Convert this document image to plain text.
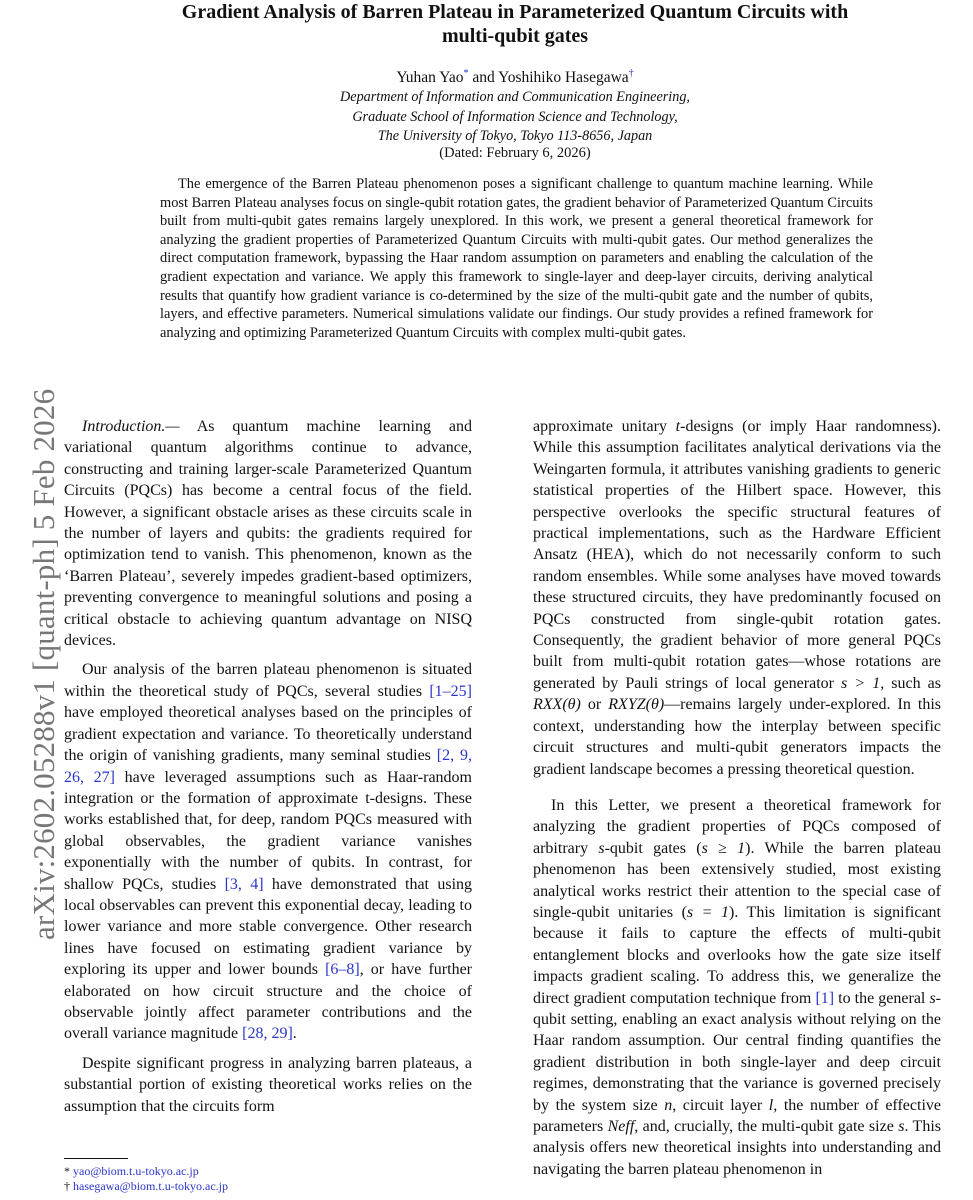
arXiv:2602.05288v1 [quant-ph] 5 Feb 2026
Gradient Analysis of Barren Plateau in Parameterized Quantum Circuits with
multi-qubit gates
Yuhan Yao* and Yoshihiko Hasegawa†
Department of Information and Communication Engineering,
Graduate School of Information Science and Technology,
The University of Tokyo, Tokyo 113-8656, Japan
(Dated: February 6, 2026)
The emergence of the Barren Plateau phenomenon poses a significant challenge to quantum machine learning. While most Barren Plateau analyses focus on single-qubit rotation gates, the gradient behavior of Parameterized Quantum Circuits built from multi-qubit gates remains largely unexplored. In this work, we present a general theoretical framework for analyzing the gradient properties of Parameterized Quantum Circuits with multi-qubit gates. Our method generalizes the direct computation framework, bypassing the Haar random assumption on parameters and enabling the calculation of the gradient expectation and variance. We apply this framework to single-layer and deep-layer circuits, deriving analytical results that quantify how gradient variance is co-determined by the size of the multi-qubit gate and the number of qubits, layers, and effective parameters. Numerical simulations validate our findings. Our study provides a refined framework for analyzing and optimizing Parameterized Quantum Circuits with complex multi-qubit gates.

Introduction.— As quantum machine learning and variational quantum algorithms continue to advance, constructing and training larger-scale Parameterized Quantum Circuits (PQCs) has become a central focus of the field. However, a significant obstacle arises as these circuits scale in the number of layers and qubits: the gradients required for optimization tend to vanish. This phenomenon, known as the ‘Barren Plateau’, severely impedes gradient-based optimizers, preventing convergence to meaningful solutions and posing a critical obstacle to achieving quantum advantage on NISQ devices.

Our analysis of the barren plateau phenomenon is situated within the theoretical study of PQCs, several studies [1–25] have employed theoretical analyses based on the principles of gradient expectation and variance. To theoretically understand the origin of vanishing gradients, many seminal studies [2, 9, 26, 27] have leveraged assumptions such as Haar-random integration or the formation of approximate t-designs. These works established that, for deep, random PQCs measured with global observables, the gradient variance vanishes exponentially with the number of qubits. In contrast, for shallow PQCs, studies [3, 4] have demonstrated that using local observables can prevent this exponential decay, leading to lower variance and more stable convergence. Other research lines have focused on estimating gradient variance by exploring its upper and lower bounds [6–8], or have further elaborated on how circuit structure and the choice of observable jointly affect parameter contributions and the overall variance magnitude [28, 29].

Despite significant progress in analyzing barren plateaus, a substantial portion of existing theoretical works relies on the assumption that the circuits form

approximate unitary t-designs (or imply Haar randomness). While this assumption facilitates analytical derivations via the Weingarten formula, it attributes vanishing gradients to generic statistical properties of the Hilbert space. However, this perspective overlooks the specific structural features of practical implementations, such as the Hardware Efficient Ansatz (HEA), which do not necessarily conform to such random ensembles. While some analyses have moved towards these structured circuits, they have predominantly focused on PQCs constructed from single-qubit rotation gates. Consequently, the gradient behavior of more general PQCs built from multi-qubit rotation gates—whose rotations are generated by Pauli strings of local generator s > 1, such as RXX(θ) or RXYZ(θ)—remains largely under-explored. In this context, understanding how the interplay between specific circuit structures and multi-qubit generators impacts the gradient landscape becomes a pressing theoretical question.

In this Letter, we present a theoretical framework for analyzing the gradient properties of PQCs composed of arbitrary s-qubit gates (s ≥ 1). While the barren plateau phenomenon has been extensively studied, most existing analytical works restrict their attention to the special case of single-qubit unitaries (s = 1). This limitation is significant because it fails to capture the effects of multi-qubit entanglement blocks and overlooks how the gate size itself impacts gradient scaling. To address this, we generalize the direct gradient computation technique from [1] to the general s-qubit setting, enabling an exact analysis without relying on the Haar random assumption. Our central finding quantifies the gradient distribution in both single-layer and deep circuit regimes, demonstrating that the variance is governed precisely by the system size n, circuit layer l, the number of effective parameters Neff, and, crucially, the multi-qubit gate size s. This analysis offers new theoretical insights into understanding and navigating the barren plateau phenomenon in

* yao@biom.t.u-tokyo.ac.jp
† hasegawa@biom.t.u-tokyo.ac.jp
